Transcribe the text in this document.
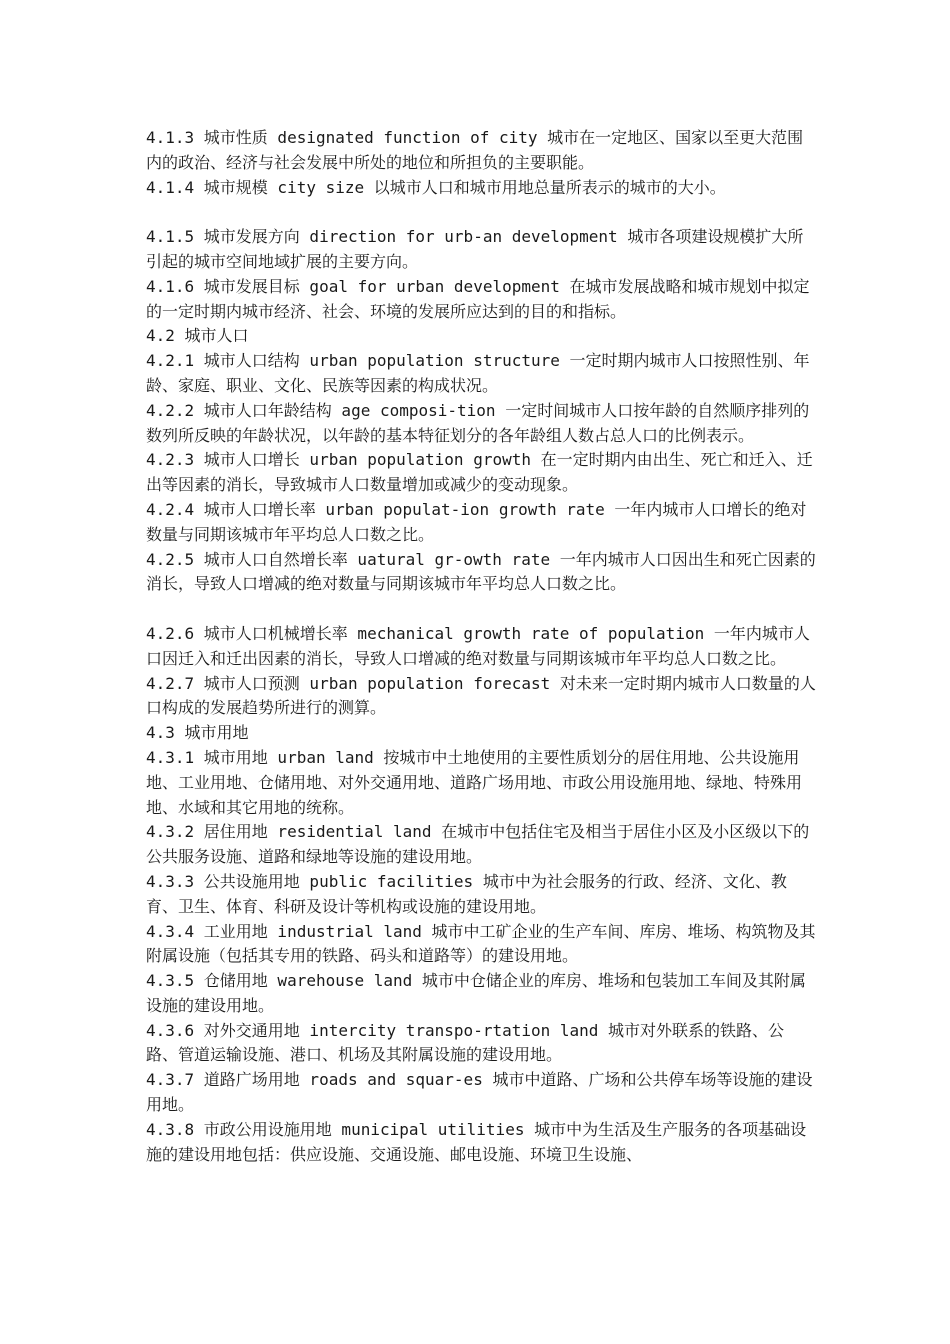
4.1.3 城市性质 designated function of city 城市在一定地区、国家以至更大范围内的政治、经济与社会发展中所处的地位和所担负的主要职能。

4.1.4 城市规模 city size 以城市人口和城市用地总量所表示的城市的大小。

4.1.5 城市发展方向 direction for urb-an development 城市各项建设规模扩大所引起的城市空间地域扩展的主要方向。

4.1.6 城市发展目标 goal for urban development 在城市发展战略和城市规划中拟定的一定时期内城市经济、社会、环境的发展所应达到的目的和指标。

4.2 城市人口

4.2.1 城市人口结构 urban population structure 一定时期内城市人口按照性别、年龄、家庭、职业、文化、民族等因素的构成状况。

4.2.2 城市人口年龄结构 age composi-tion 一定时间城市人口按年龄的自然顺序排列的数列所反映的年龄状况，以年龄的基本特征划分的各年龄组人数占总人口的比例表示。

4.2.3 城市人口增长 urban population growth 在一定时期内由出生、死亡和迁入、迁出等因素的消长，导致城市人口数量增加或减少的变动现象。

4.2.4 城市人口增长率 urban populat-ion growth rate 一年内城市人口增长的绝对数量与同期该城市年平均总人口数之比。

4.2.5 城市人口自然增长率 uatural gr-owth rate 一年内城市人口因出生和死亡因素的消长，导致人口增减的绝对数量与同期该城市年平均总人口数之比。

4.2.6 城市人口机械增长率 mechanical growth rate of population 一年内城市人口因迁入和迁出因素的消长，导致人口增减的绝对数量与同期该城市年平均总人口数之比。

4.2.7 城市人口预测 urban population forecast 对未来一定时期内城市人口数量的人口构成的发展趋势所进行的测算。

4.3 城市用地

4.3.1 城市用地 urban land 按城市中土地使用的主要性质划分的居住用地、公共设施用地、工业用地、仓储用地、对外交通用地、道路广场用地、市政公用设施用地、绿地、特殊用地、水域和其它用地的统称。

4.3.2 居住用地 residential land 在城市中包括住宅及相当于居住小区及小区级以下的公共服务设施、道路和绿地等设施的建设用地。

4.3.3 公共设施用地 public facilities 城市中为社会服务的行政、经济、文化、教育、卫生、体育、科研及设计等机构或设施的建设用地。

4.3.4 工业用地 industrial land 城市中工矿企业的生产车间、库房、堆场、构筑物及其附属设施（包括其专用的铁路、码头和道路等）的建设用地。

4.3.5 仓储用地 warehouse land 城市中仓储企业的库房、堆场和包装加工车间及其附属设施的建设用地。

4.3.6 对外交通用地 intercity transpo-rtation land 城市对外联系的铁路、公路、管道运输设施、港口、机场及其附属设施的建设用地。

4.3.7 道路广场用地 roads and squar-es 城市中道路、广场和公共停车场等设施的建设用地。

4.3.8 市政公用设施用地 municipal utilities 城市中为生活及生产服务的各项基础设施的建设用地包括：供应设施、交通设施、邮电设施、环境卫生设施、
